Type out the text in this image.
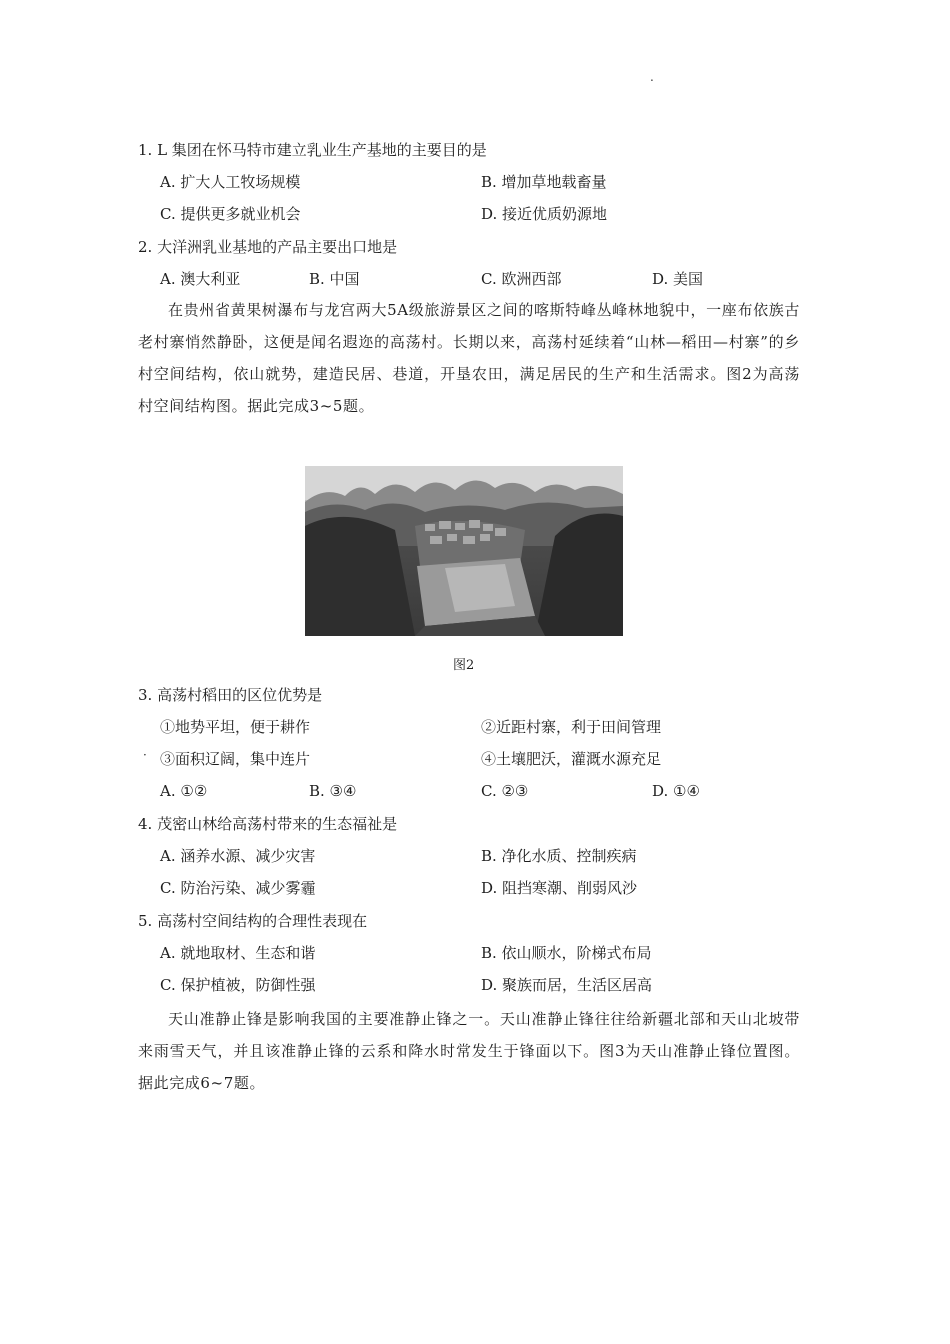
1. L 集团在怀马特市建立乳业生产基地的主要目的是
A. 扩大人工牧场规模	B. 增加草地载畜量
C. 提供更多就业机会	D. 接近优质奶源地
2. 大洋洲乳业基地的产品主要出口地是
A. 澳大利亚	B. 中国	C. 欧洲西部	D. 美国
在贵州省黄果树瀑布与龙宫两大5A级旅游景区之间的喀斯特峰丛峰林地貌中，一座布依族古老村寨悄然静卧，这便是闻名遐迩的高荡村。长期以来，高荡村延续着“山林—稻田—村寨”的乡村空间结构，依山就势，建造民居、巷道，开垦农田，满足居民的生产和生活需求。图2为高荡村空间结构图。据此完成3~5题。
图2
3. 高荡村稻田的区位优势是
①地势平坦，便于耕作	②近距村寨，利于田间管理
· ③面积辽阔，集中连片	④土壤肥沃，灌溉水源充足
A. ①②	B. ③④	C. ②③	D. ①④
4. 茂密山林给高荡村带来的生态福祉是
A. 涵养水源、减少灾害	B. 净化水质、控制疾病
C. 防治污染、减少雾霾	D. 阻挡寒潮、削弱风沙
5. 高荡村空间结构的合理性表现在
A. 就地取材、生态和谐	B. 依山顺水，阶梯式布局
C. 保护植被，防御性强	D. 聚族而居，生活区居高
天山准静止锋是影响我国的主要准静止锋之一。天山准静止锋往往给新疆北部和天山北坡带来雨雪天气，并且该准静止锋的云系和降水时常发生于锋面以下。图3为天山准静止锋位置图。据此完成6~7题。
.
